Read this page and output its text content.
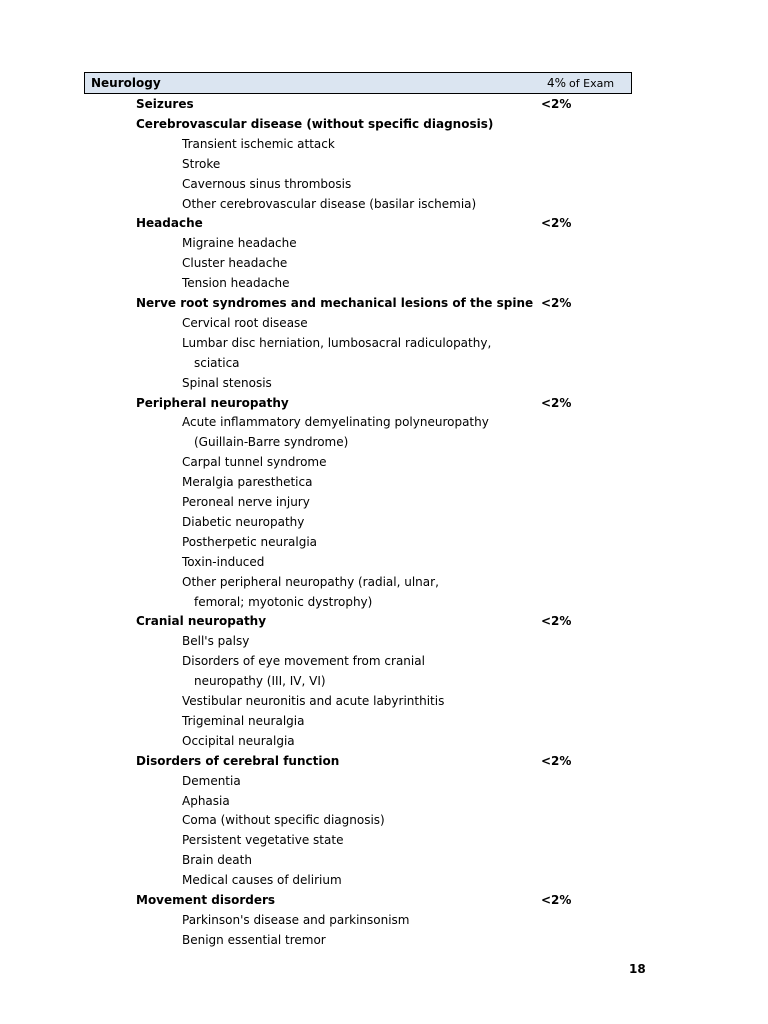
Neurology	4% of Exam
Seizures	<2%
Cerebrovascular disease (without specific diagnosis)
Transient ischemic attack
Stroke
Cavernous sinus thrombosis
Other cerebrovascular disease (basilar ischemia)
Headache	<2%
Migraine headache
Cluster headache
Tension headache
Nerve root syndromes and mechanical lesions of the spine <2%
Cervical root disease
Lumbar disc herniation, lumbosacral radiculopathy,
sciatica
Spinal stenosis
Peripheral neuropathy	<2%
Acute inflammatory demyelinating polyneuropathy
(Guillain-Barre syndrome)
Carpal tunnel syndrome
Meralgia paresthetica
Peroneal nerve injury
Diabetic neuropathy
Postherpetic neuralgia
Toxin-induced
Other peripheral neuropathy (radial, ulnar,
femoral; myotonic dystrophy)
Cranial neuropathy	<2%
Bell's palsy
Disorders of eye movement from cranial
neuropathy (III, IV, VI)
Vestibular neuronitis and acute labyrinthitis
Trigeminal neuralgia
Occipital neuralgia
Disorders of cerebral function	<2%
Dementia
Aphasia
Coma (without specific diagnosis)
Persistent vegetative state
Brain death
Medical causes of delirium
Movement disorders	<2%
Parkinson's disease and parkinsonism
Benign essential tremor
18
